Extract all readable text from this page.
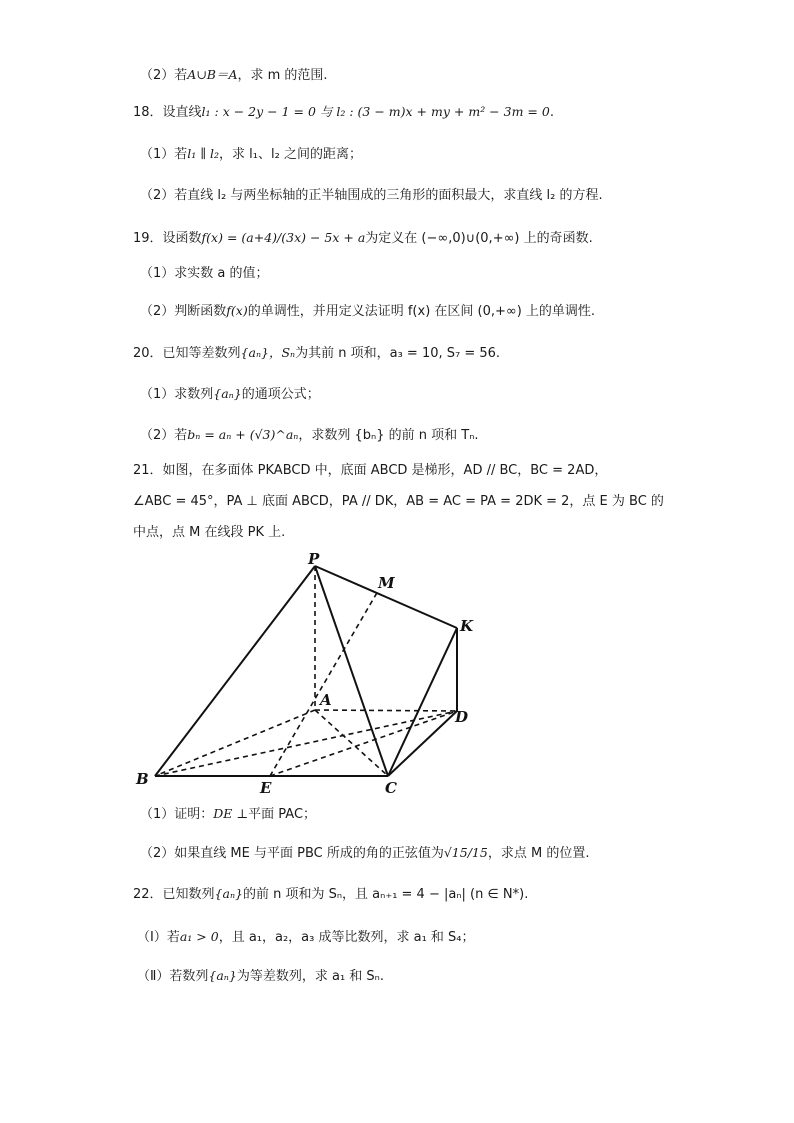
（2）若A∪B＝A，求 m 的范围.
18．设直线l₁ : x − 2y − 1 = 0 与 l₂ : (3 − m)x + my + m² − 3m = 0.
（1）若l₁ ∥ l₂，求 l₁、l₂ 之间的距离；
（2）若直线 l₂ 与两坐标轴的正半轴围成的三角形的面积最大，求直线 l₂ 的方程.
19．设函数f(x) = (a+4)/(3x) − 5x + a为定义在 (−∞,0)∪(0,+∞) 上的奇函数.
（1）求实数 a 的值；
（2）判断函数f(x)的单调性，并用定义法证明 f(x) 在区间 (0,+∞) 上的单调性.
20．已知等差数列{aₙ}，Sₙ为其前 n 项和，a₃ = 10, S₇ = 56.
（1）求数列{aₙ}的通项公式；
（2）若bₙ = aₙ + (√3)^aₙ，求数列 {bₙ} 的前 n 项和 Tₙ.
21．如图，在多面体 PKABCD 中，底面 ABCD 是梯形，AD // BC，BC = 2AD，
∠ABC = 45°，PA ⊥ 底面 ABCD，PA // DK，AB = AC = PA = 2DK = 2，点 E 为 BC 的
中点，点 M 在线段 PK 上.
P
M
K
A
D
B	E	C
（1）证明：DE ⊥平面 PAC；
（2）如果直线 ME 与平面 PBC 所成的角的正弦值为√15/15，求点 M 的位置.
22．已知数列{aₙ}的前 n 项和为 Sₙ，且 aₙ₊₁ = 4 − |aₙ| (n ∈ N*).
（Ⅰ）若a₁ > 0，且 a₁，a₂，a₃ 成等比数列，求 a₁ 和 S₄；
（Ⅱ）若数列{aₙ}为等差数列，求 a₁ 和 Sₙ.
